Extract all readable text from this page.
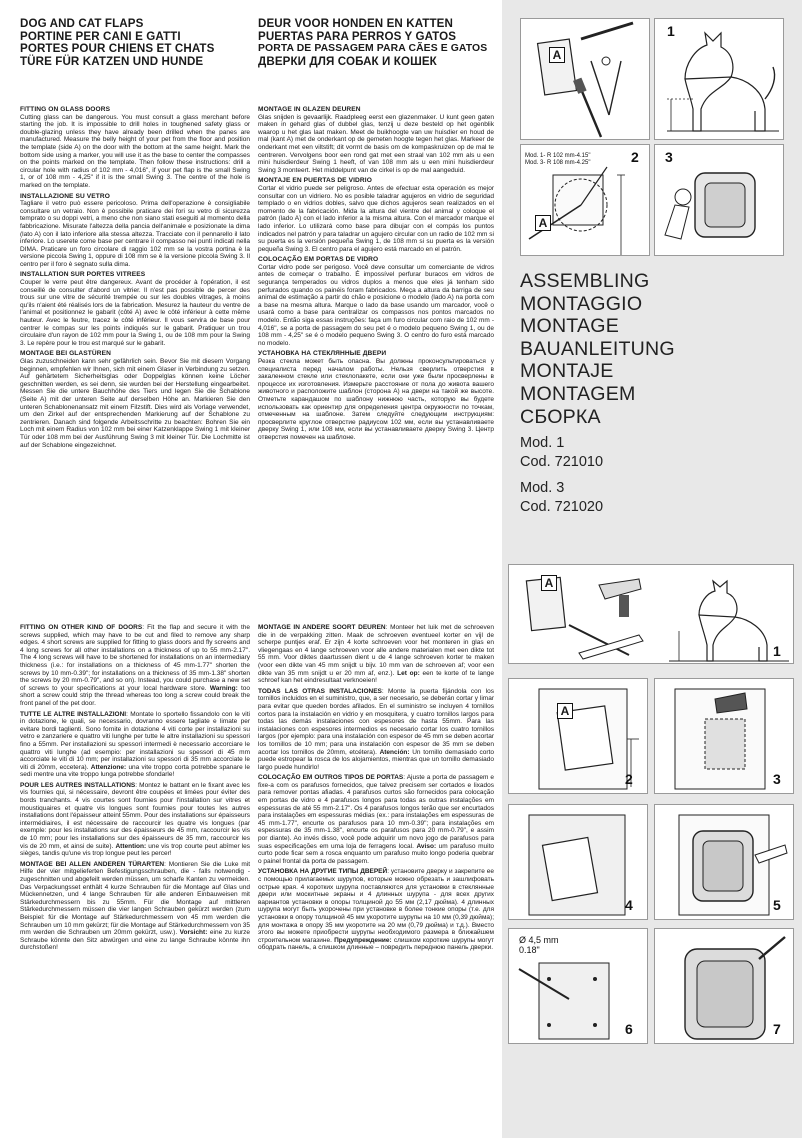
DOG AND CAT FLAPS
PORTINE PER CANI E GATTI
PORTES POUR CHIENS ET CHATS
TÜRE FÜR KATZEN UND HUNDE
FITTING ON GLASS DOORS
Cutting glass can be dangerous. You must consult a glass merchant before starting the job. It is impossible to drill holes in toughened safety glass or double-glazing unless they have already been drilled when the panes are manufactured. Measure the belly height of your pet from the floor and position the template (side A) on the door with the bottom at the same height. Mark the bottom side using a marker, you will use it as the base to center the compasses on the points marked on the template. Then follow these instructions: drill a circular hole with radius of 102 mm - 4,016", if your pet flap is the small Swing 1, or of 108 mm - 4,25" if it is the small Swing 3. The centre of the hole is marked on the template.
INSTALLAZIONE SU VETRO
Tagliare il vetro può essere pericoloso. Prima dell'operazione è consigliabile consultare un vetraio. Non è possibile praticare dei fori su vetro di sicurezza temprato o su doppi vetri, a meno che non siano stati eseguiti al momento della fabbricazione. Misurate l'altezza della pancia dell'animale e posizionate la dima (lato A) con il lato inferiore alla stessa altezza. Tracciate con il pennarello il lato inferiore. Lo userete come base per centrare il compasso nei punti indicati nella DIMA. Praticare un foro circolare di raggio 102 mm se la vostra portina è la versione piccola Swing 1, oppure di 108 mm se è la versione piccola Swing 3. Il centro per il foro è segnato sulla dima.
INSTALLATION SUR PORTES VITREES
Couper le verre peut être dangereux. Avant de procéder à l'opération, il est conseillé de consulter d'abord un vitrier. Il n'est pas possible de percer des trous sur une vitre de sécurité trempée ou sur les doubles vitrages, à moins qu'ils n'aient été réalisés lors de la fabrication. Mesurez la hauteur du ventre de l'animal et positionnez le gabarit (côté A) avec le côté inférieur à cette même hauteur. Avec le feutre, tracez le côté inférieur. Il vous servira de base pour centrer le compas sur les points indiqués sur le gabarit. Pratiquer un trou circulaire d'un rayon de 102 mm pour la Swing 1, ou de 108 mm pour la Swing 3. Le repère pour le trou est marqué sur le gabarit.
MONTAGE BEI GLASTÜREN
Glas zuzuschneiden kann sehr gefährlich sein. Bevor Sie mit diesem Vorgang beginnen, empfehlen wir Ihnen, sich mit einem Glaser in Verbindung zu setzen. Auf gehärtetem Sicherheitsglas oder Doppelglas können keine Löcher geschnitten werden, es sei denn, sie wurden bei der Herstellung eingearbeitet. Messen Sie die untere Bauchhöhe des Tiers und legen Sie die Schablone (Seite A) mit der unteren Seite auf derselben Höhe an. Markieren Sie den unteren Schablonenansatz mit einem Filzstift. Dies wird als Vorlage verwendet, um den Zirkel auf der entsprechenden Markierung auf der Schablone zu zentrieren. Danach sind folgende Arbeitsschritte zu beachten: Bohren Sie ein Loch mit einem Radius von 102 mm bei einer Katzenklappe Swing 1 mit kleiner Tür oder 108 mm bei der Ausführung Swing 3 mit kleiner Tür. Die Lochmitte ist auf der Schablone eingezeichnet.
FITTING ON OTHER KIND OF DOORS: Fit the flap and secure it with the screws supplied, which may have to be cut and filed to remove any sharp edges. 4 short screws are supplied for fitting to glass doors and fly screens and 4 long screws for all other installations on a thickness of up to 55 mm-2.17". The 4 long screws will have to be shortened for installations on an intermediary thickness (i.e.: for installations on a thickness of 45 mm-1.77" shorten the screws by 10 mm-0.39"; for installations on a thickness of 35 mm-1.38" shorten the screws by 20 mm-0.79", and so on). Instead, you could purchase a new set of screws to your specifications at your local hardware store. Warning: too short a screw could strip the thread whereas too long a screw could break the front panel of the pet door.
TUTTE LE ALTRE INSTALLAZIONI: Montate lo sportello fissandolo con le viti in dotazione, le quali, se necessario, dovranno essere tagliate e limate per evitare bordi taglienti. Sono fornite in dotazione 4 viti corte per installazioni su vetro e zanzariere e quattro viti lunghe per tutte le altre installazioni su spessori fino a 55mm. Per installazioni su spessori intermedi è necessario accorciare le quattro viti lunghe (ad esempio: per installazioni su spessori di 45 mm accorciate le viti di 10 mm; per installazioni su spessori di 35 mm accorciate le viti di 20mm, eccetera). Attenzione: una vite troppo corta potrebbe spanare le sedi mentre una vite troppo lunga potrebbe sfondarle!
POUR LES AUTRES INSTALLATIONS: Montez le battant en le fixant avec les vis fournies qui, si nécessaire, devront être coupées et limées pour éviter des bords tranchants. 4 vis courtes sont fournies pour l'installation sur vitres et moustiquaires et quatre vis longues sont fournies pour toutes les autres installations dont l'épaisseur atteint 55mm. Pour des installations sur épaisseurs intermédiaires, il est nécessaire de raccourcir les quatre vis longues (par exemple: pour les installations sur des épaisseurs de 45 mm, raccourcir les vis de 10 mm; pour les installations sur des épaisseurs de 35 mm, raccourcir les vis de 20 mm, et ainsi de suite). Attention: une vis trop courte peut abîmer les sièges, tandis qu'une vis trop longue peut les percer!
MONTAGE BEI ALLEN ANDEREN TÜRARTEN: Montieren Sie die Luke mit Hilfe der vier mitgelieferten Befestigungsschrauben, die - falls notwendig - zugeschnitten und abgefeilt werden müssen, um scharfe Kanten zu vermeiden. Das Verpackungsset enthält 4 kurze Schrauben für die Montage auf Glas und Mückennetzen, und 4 lange Schrauben für alle anderen Einbauweisen mit Stärkedurchmessern bis zu 55mm. Für die Montage auf mittleren Stärkedurchmessern müssen die vier langen Schrauben gekürzt werden (zum Beispiel: für die Montage auf Stärkedurchmessern von 45 mm werden die Schrauben um 10 mm gekürzt; für die Montage auf Stärkedurchmessern von 35 mm werden die Schrauben um 20mm gekürzt, usw.). Vorsicht: eine zu kurze Schraube könnte den Sitz abwürgen und eine zu lange Schraube könnte ihn durchstoßen!
DEUR VOOR HONDEN EN KATTEN
PUERTAS PARA PERROS Y GATOS
PORTA DE PASSAGEM PARA CÃES E GATOS
ДВЕРКИ ДЛЯ СОБАК И КОШЕК
MONTAGE IN GLAZEN DEUREN
Glas snijden is gevaarlijk. Raadpleeg eerst een glazenmaker. U kunt geen gaten maken in gehard glas of dubbel glas, tenzij u deze besteld op het ogenblik waarop u het glas laat maken. Meet de buikhoogte van uw huisdier en houd de mal (kant A) met de onderkant op de gemeten hoogte tegen het glas. Markeer de onderkant met een viltstift; dit vormt de basis om de kompaskruizen op de mal te centreren. Vervolgens boor een rond gat met een straal van 102 mm als u een mini huisdierdeur Swing 1 heeft, of van 108 mm als u een mini huisdierdeur Swing 3 monteert. Het middelpunt van de cirkel is op de mal aangeduid.
MONTAJE EN PUERTAS DE VIDRIO
Cortar el vidrio puede ser peligroso. Antes de efectuar esta operación es mejor consultar con un vidriero. No es posible taladrar agujeros en vidrio de seguridad templado o en vidrios dobles, salvo que dichos agujeros sean realizados en el momento de la fabricación. Mida la altura del vientre del animal y coloque el patrón (lado A) con el lado inferior a la misma altura. Con el marcador marque el lado inferior. Lo utilizará como base para dibujar con el compás los puntos indicados nel patrón y para taladrar un agujero circular con un radio de 102 mm si su puerta es la versión pequeña Swing 1, de 108 mm si su puerta es la versión pequeña Swing 3. El centro para el agujero está marcado en el patrón.
COLOCAÇÃO EM PORTAS DE VIDRO
Cortar vidro pode ser perigoso. Você deve consultar um comerciante de vidros antes de começar o trabalho. É impossível perfurar buracos em vidros de segurança temperados ou vidros duplos a menos que eles já tenham sido perfurados quando os painéis foram fabricados. Meça a altura da barriga de seu animal de estimação a partir do chão e posicione o modelo (lado A) na porta com a base na mesma altura. Marque o lado da base usando um marcador, você o usará como a base para centralizar os compassos nos pontos marcados no modelo. Então siga essas instruções: faça um furo circular com raio de 102 mm - 4,016", se a porta de passagem do seu pet é o modelo pequeno Swing 1, ou de 108 mm - 4,25" se é o modelo pequeno Swing 3. O centro do furo está marcado no modelo.
УСТАНОВКА НА СТЕКЛЯННЫЕ ДВЕРИ
Резка стекла может быть опасна. Вы должны проконсультироваться у специалиста перед началом работы. Нельзя сверлить отверстия в закаленном стекле или стеклопакете, если они уже были просверлены в процессе их изготовления. Измерьте расстояние от пола до живота вашего животного и расположите шаблон (сторона A) на двери на такой же высоте. Отметьте карандашом по шаблону нижнюю часть, которую вы будете использовать как ориентир для определения центра окружности по точкам, отмеченным на шаблоне. Затем следуйте следующим инструкциям: просверлите круглое отверстие радиусом 102 мм, если вы устанавливаете дверку Swing 1, или 108 мм, если вы устанавливаете дверку Swing 3. Центр отверстия помечен на шаблоне.
MONTAGE IN ANDERE SOORT DEUREN: Monteer het luik met de schroeven die in de verpakking zitten. Maak de schroeven eventueel korter en vijl de scherpe puntjes eraf. Er zijn 4 korte schroeven voor het monteren in glas en vliegengaas en 4 lange schroeven voor alle andere materialen met een dikte tot 55 mm. Voor diktes daartussen dient u de 4 lange schroeven korter te maken (voor een dikte van 45 mm snijdt u bijv. 10 mm van de schroeven af; voor een dikte van 35 mm snijdt u er 20 mm af, enz.). Let op: een te korte of te lange schroef kan het eindresultaat verknoeien!
TODAS LAS OTRAS INSTALACIONES: Monte la puerta fijándola con los tornillos incluidos en el suministro, que, a ser necesario, se deberán cortar y limar para evitar que queden bordes afilados. En el suministro se incluyen 4 tornillos cortos para la instalación en vidrio y en mosquitera, y cuatro tornillos largos para todas las demás instalaciones con espesores de hasta 55mm. Para las instalaciones con espesores intermedios es necesario cortar los cuatro tornillos largos (por ejemplo: para una instalación con espesor de 45 mm se deben acortar los tornillos de 10 mm; para una instalación con espesor de 35 mm se deben acortar los tornillos de 20mm, etcétera). Atención: Un tornillo demasiado corto puede estropear la rosca de los alojamientos, mientras que un tornillo demasiado largo puede hundirlo!
COLOCAÇÃO EM OUTROS TIPOS DE PORTAS: Ajuste a porta de passagem e fixe-a com os parafusos fornecidos, que talvez precisem ser cortados e lixados para remover pontas afiadas. 4 parafusos curtos são fornecidos para colocação em portas de vidro e 4 parafusos longos para todas as outras instalações em espessuras de até 55 mm-2.17". Os 4 parafusos longos terão que ser encurtados para instalações em espessuras médias (ex.: para instalações em espessuras de 45 mm-1.77", encurte os parafusos para 10 mm-0.39"; para instalações em espessuras de 35 mm-1.38", encurte os parafusos para 20 mm-0.79", e assim por diante). Ao invés disso, você pode adquirir um novo jogo de parafusos para suas especificações em uma loja de ferragens local. Aviso: um parafuso muito curto pode ficar sem a rosca enquanto um parafuso muito longo poderia quebrar o painel frontal da porta de passagem.
УСТАНОВКА НА ДРУГИЕ ТИПЫ ДВЕРЕЙ: установите дверку и закрепите ее с помощью прилагаемых шурупов, которые можно обрезать и зашлифовать острые края. 4 коротких шурупа поставляются для установки в стеклянные двери или москитные экраны и 4 длинных шурупа - для всех других вариантов установки в опоры толщиной до 55 мм (2,17 дюйма). 4 длинных шурупа могут быть укорочены при установке в более тонкие опоры (т.е. для установки в опору толщиной 45 мм укоротите шурупы на 10 мм (0,39 дюйма); для монтажа в опору 35 мм укоротите на 20 мм (0,79 дюйма) и т.д.). Вместо этого вы можете приобрести шурупы необходимого размера в ближайшем строительном магазине. Предупреждение: слишком короткие шурупы могут ободрать панель, а слишком длинные – повредить переднюю панель дверки.
A
1
Mod. 1- R 102 mm-4.15"
Mod. 3- R 108 mm-4.25"
A
2 3
ASSEMBLING
MONTAGGIO
MONTAGE
BAUANLEITUNG
MONTAJE
MONTAGEM
СБОРКА
Mod. 1
Cod. 721010
Mod. 3
Cod. 721020
A
1
A
2	3
4	5
Ø 4,5 mm
0.18"
6	7
